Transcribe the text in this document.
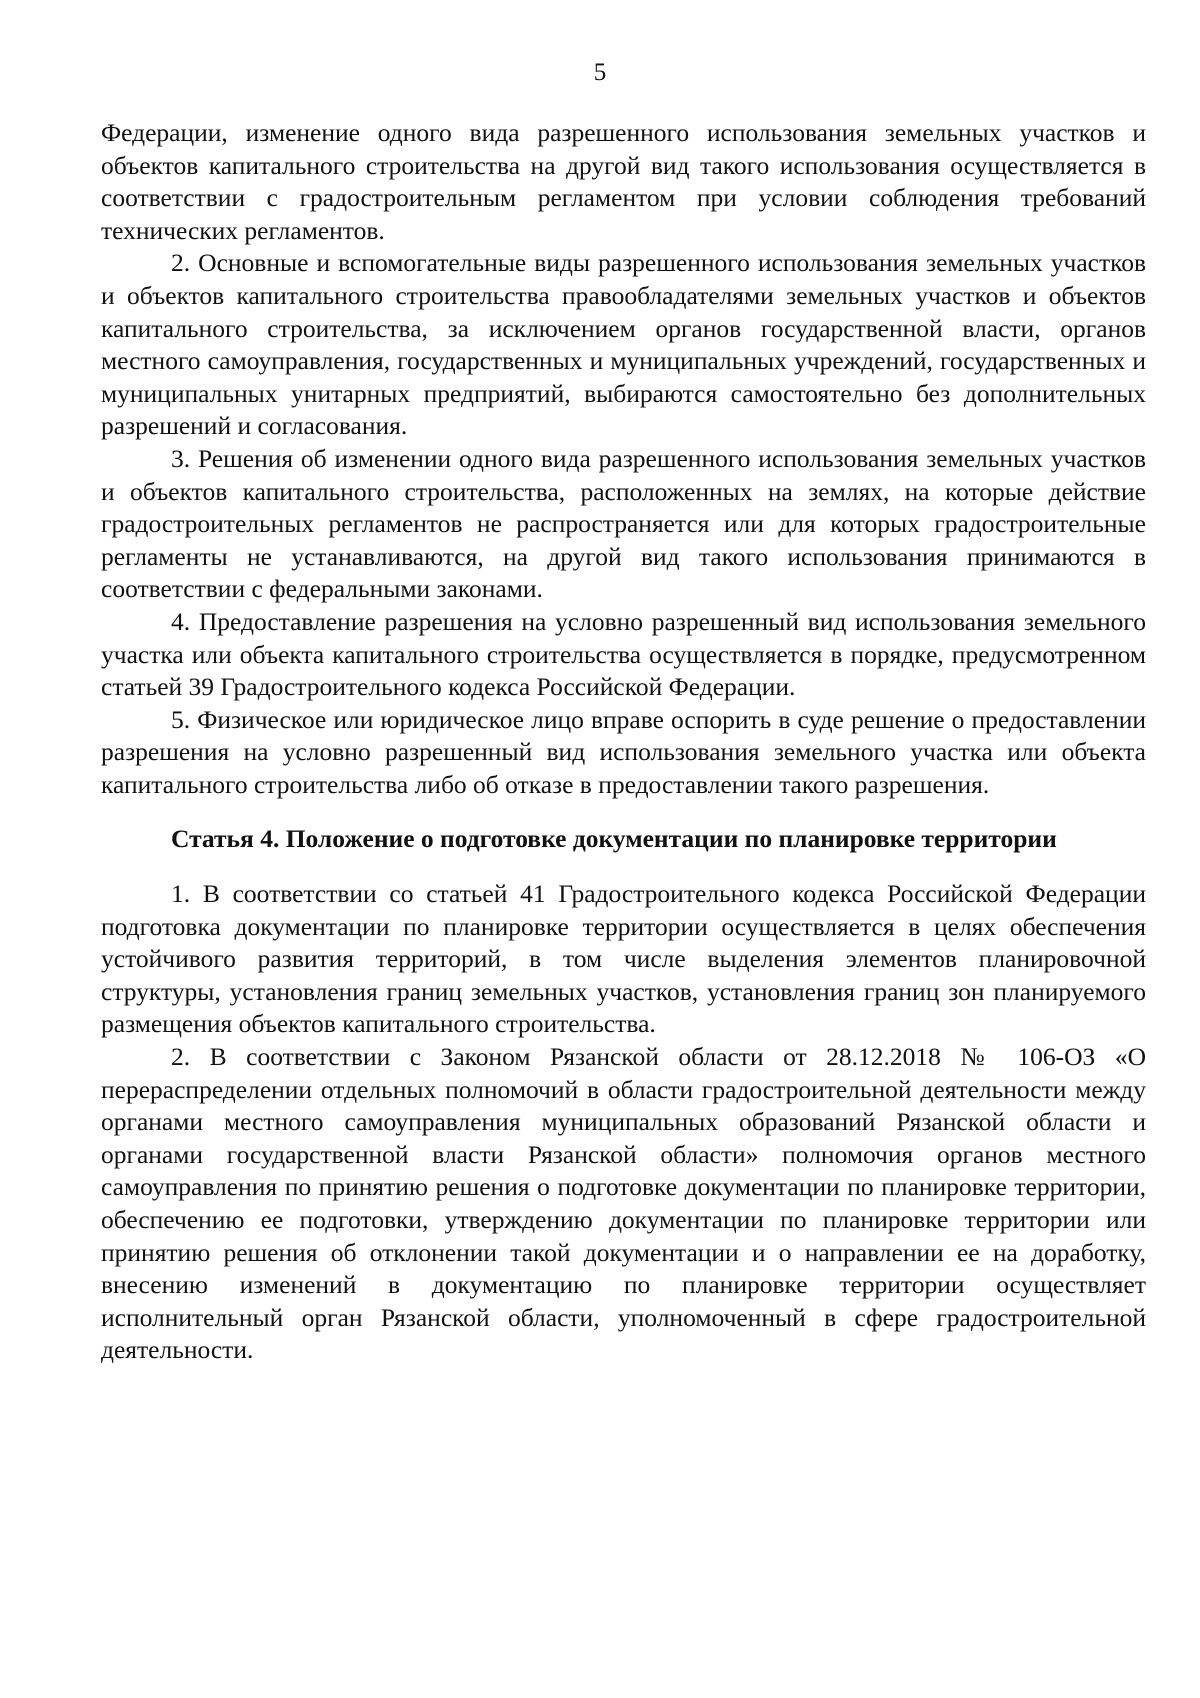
5

Федерации, изменение одного вида разрешенного использования земельных участков и объектов капитального строительства на другой вид такого использования осуществляется в соответствии с градостроительным регламентом при условии соблюдения требований технических регламентов.

2. Основные и вспомогательные виды разрешенного использования земельных участков и объектов капитального строительства правообладателями земельных участков и объектов капитального строительства, за исключением органов государственной власти, органов местного самоуправления, государственных и муниципальных учреждений, государственных и муниципальных унитарных предприятий, выбираются самостоятельно без дополнительных разрешений и согласования.

3. Решения об изменении одного вида разрешенного использования земельных участков и объектов капитального строительства, расположенных на землях, на которые действие градостроительных регламентов не распространяется или для которых градостроительные регламенты не устанавливаются, на другой вид такого использования принимаются в соответствии с федеральными законами.

4. Предоставление разрешения на условно разрешенный вид использования земельного участка или объекта капитального строительства осуществляется в порядке, предусмотренном статьей 39 Градостроительного кодекса Российской Федерации.

5. Физическое или юридическое лицо вправе оспорить в суде решение о предоставлении разрешения на условно разрешенный вид использования земельного участка или объекта капитального строительства либо об отказе в предоставлении такого разрешения.

Статья 4. Положение о подготовке документации по планировке территории

1. В соответствии со статьей 41 Градостроительного кодекса Российской Федерации подготовка документации по планировке территории осуществляется в целях обеспечения устойчивого развития территорий, в том числе выделения элементов планировочной структуры, установления границ земельных участков, установления границ зон планируемого размещения объектов капитального строительства.

2. В соответствии с Законом Рязанской области от 28.12.2018 № 106-ОЗ «О перераспределении отдельных полномочий в области градостроительной деятельности между органами местного самоуправления муниципальных образований Рязанской области и органами государственной власти Рязанской области» полномочия органов местного самоуправления по принятию решения о подготовке документации по планировке территории, обеспечению ее подготовки, утверждению документации по планировке территории или принятию решения об отклонении такой документации и о направлении ее на доработку, внесению изменений в документацию по планировке территории осуществляет исполнительный орган Рязанской области, уполномоченный в сфере градостроительной деятельности.
